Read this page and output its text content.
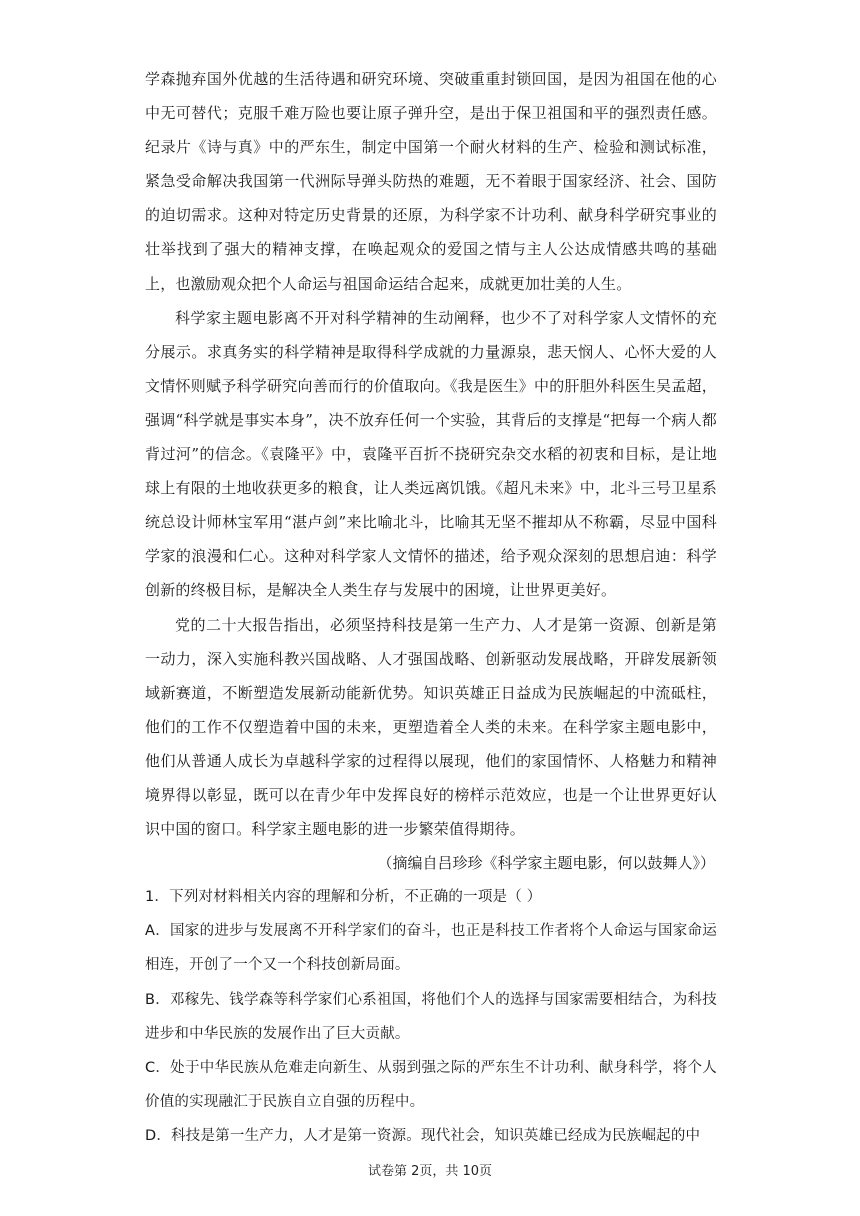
学森抛弃国外优越的生活待遇和研究环境、突破重重封锁回国，是因为祖国在他的心中无可替代；克服千难万险也要让原子弹升空，是出于保卫祖国和平的强烈责任感。纪录片《诗与真》中的严东生，制定中国第一个耐火材料的生产、检验和测试标准，紧急受命解决我国第一代洲际导弹头防热的难题，无不着眼于国家经济、社会、国防的迫切需求。这种对特定历史背景的还原，为科学家不计功利、献身科学研究事业的壮举找到了强大的精神支撑，在唤起观众的爱国之情与主人公达成情感共鸣的基础上，也激励观众把个人命运与祖国命运结合起来，成就更加壮美的人生。

科学家主题电影离不开对科学精神的生动阐释，也少不了对科学家人文情怀的充分展示。求真务实的科学精神是取得科学成就的力量源泉，悲天悯人、心怀大爱的人文情怀则赋予科学研究向善而行的价值取向。《我是医生》中的肝胆外科医生吴孟超，强调“科学就是事实本身”，决不放弃任何一个实验，其背后的支撑是“把每一个病人都背过河”的信念。《袁隆平》中，袁隆平百折不挠研究杂交水稻的初衷和目标，是让地球上有限的土地收获更多的粮食，让人类远离饥饿。《超凡未来》中，北斗三号卫星系统总设计师林宝军用“湛卢剑”来比喻北斗，比喻其无坚不摧却从不称霸，尽显中国科学家的浪漫和仁心。这种对科学家人文情怀的描述，给予观众深刻的思想启迪：科学创新的终极目标，是解决全人类生存与发展中的困境，让世界更美好。

党的二十大报告指出，必须坚持科技是第一生产力、人才是第一资源、创新是第一动力，深入实施科教兴国战略、人才强国战略、创新驱动发展战略，开辟发展新领域新赛道，不断塑造发展新动能新优势。知识英雄正日益成为民族崛起的中流砥柱，他们的工作不仅塑造着中国的未来，更塑造着全人类的未来。在科学家主题电影中，他们从普通人成长为卓越科学家的过程得以展现，他们的家国情怀、人格魅力和精神境界得以彰显，既可以在青少年中发挥良好的榜样示范效应，也是一个让世界更好认识中国的窗口。科学家主题电影的进一步繁荣值得期待。

（摘编自吕珍珍《科学家主题电影，何以鼓舞人》）

1．下列对材料相关内容的理解和分析，不正确的一项是（ ）

A．国家的进步与发展离不开科学家们的奋斗，也正是科技工作者将个人命运与国家命运相连，开创了一个又一个科技创新局面。

B．邓稼先、钱学森等科学家们心系祖国，将他们个人的选择与国家需要相结合，为科技进步和中华民族的发展作出了巨大贡献。

C．处于中华民族从危难走向新生、从弱到强之际的严东生不计功利、献身科学，将个人价值的实现融汇于民族自立自强的历程中。

D．科技是第一生产力，人才是第一资源。现代社会，知识英雄已经成为民族崛起的中

试卷第 2页，共 10页
